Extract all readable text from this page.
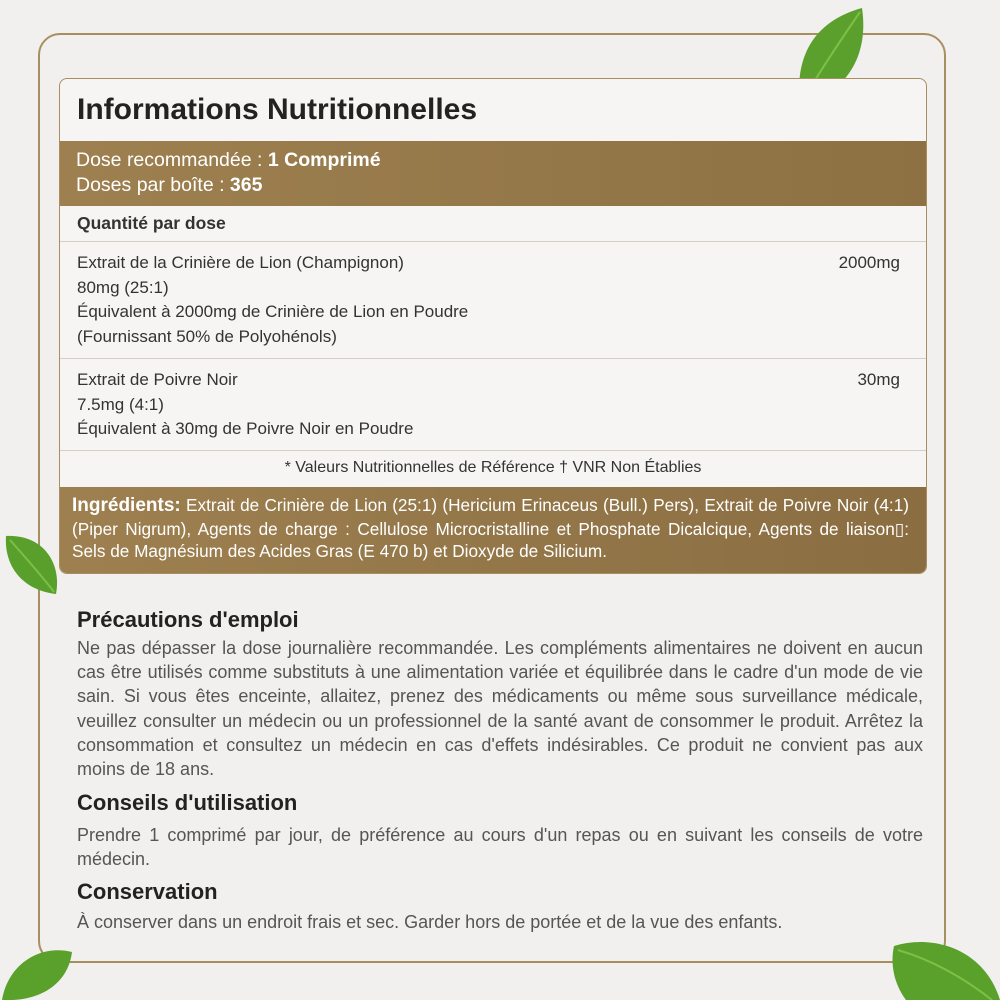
Informations Nutritionnelles
Dose recommandée : 1 Comprimé
Doses par boîte : 365
Quantité par dose
Extrait de la Crinière de Lion (Champignon)
80mg (25:1)
Équivalent à 2000mg de Crinière de Lion en Poudre
(Fournissant 50% de Polyohénols)
2000mg
Extrait de Poivre Noir
7.5mg (4:1)
Équivalent à 30mg de Poivre Noir en Poudre
30mg
* Valeurs Nutritionnelles de Référence † VNR Non Établies
Ingrédients: Extrait de Crinière de Lion (25:1) (Hericium Erinaceus (Bull.) Pers), Extrait de Poivre Noir (4:1) (Piper Nigrum), Agents de charge : Cellulose Microcristalline et Phosphate Dicalcique, Agents de liaison▯: Sels de Magnésium des Acides Gras (E 470 b) et Dioxyde de Silicium.
Précautions d'emploi

Ne pas dépasser la dose journalière recommandée. Les compléments alimentaires ne doivent en aucun cas être utilisés comme substituts à une alimentation variée et équilibrée dans le cadre d'un mode de vie sain. Si vous êtes enceinte, allaitez, prenez des médicaments ou même sous surveillance médicale, veuillez consulter un médecin ou un professionnel de la santé avant de consommer le produit. Arrêtez la consommation et consultez un médecin en cas d'effets indésirables. Ce produit ne convient pas aux moins de 18 ans.

Conseils d'utilisation

Prendre 1 comprimé par jour, de préférence au cours d'un repas ou en suivant les conseils de votre médecin.

Conservation

À conserver dans un endroit frais et sec. Garder hors de portée et de la vue des enfants.
